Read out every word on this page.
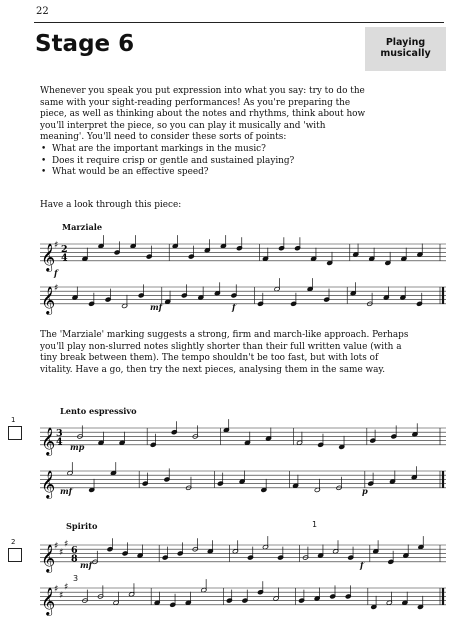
22
Stage 6	Playing musically

Whenever you speak you put expression into what you say: try to do the same with your sight-reading performances! As you're preparing the piece, as well as thinking about the notes and rhythms, think about how you'll interpret the piece, so you can play it musically and 'with meaning'. You'll need to consider these sorts of points:

• What are the important markings in the music?
• Does it require crisp or gentle and sustained playing?
• What would be an effective speed?
Have a look through this piece:
Marziale
𝄞
♯ 2
4
f
𝄞
♯
mf	f
The 'Marziale' marking suggests a strong, firm and march-like approach. Perhaps you'll play non-slurred notes slightly shorter than their full written value (with a tiny break between them). The tempo shouldn't be too fast, but with lots of vitality. Have a go, then try the next pieces, analysing them in the same way.
1
Lento espressivo
𝄞 3
4 mp
𝄞 mf	p
2
Spirito
𝄞
♯
♯
♯
6
8
mf	f
1
3
𝄞
♯
♯
♯
